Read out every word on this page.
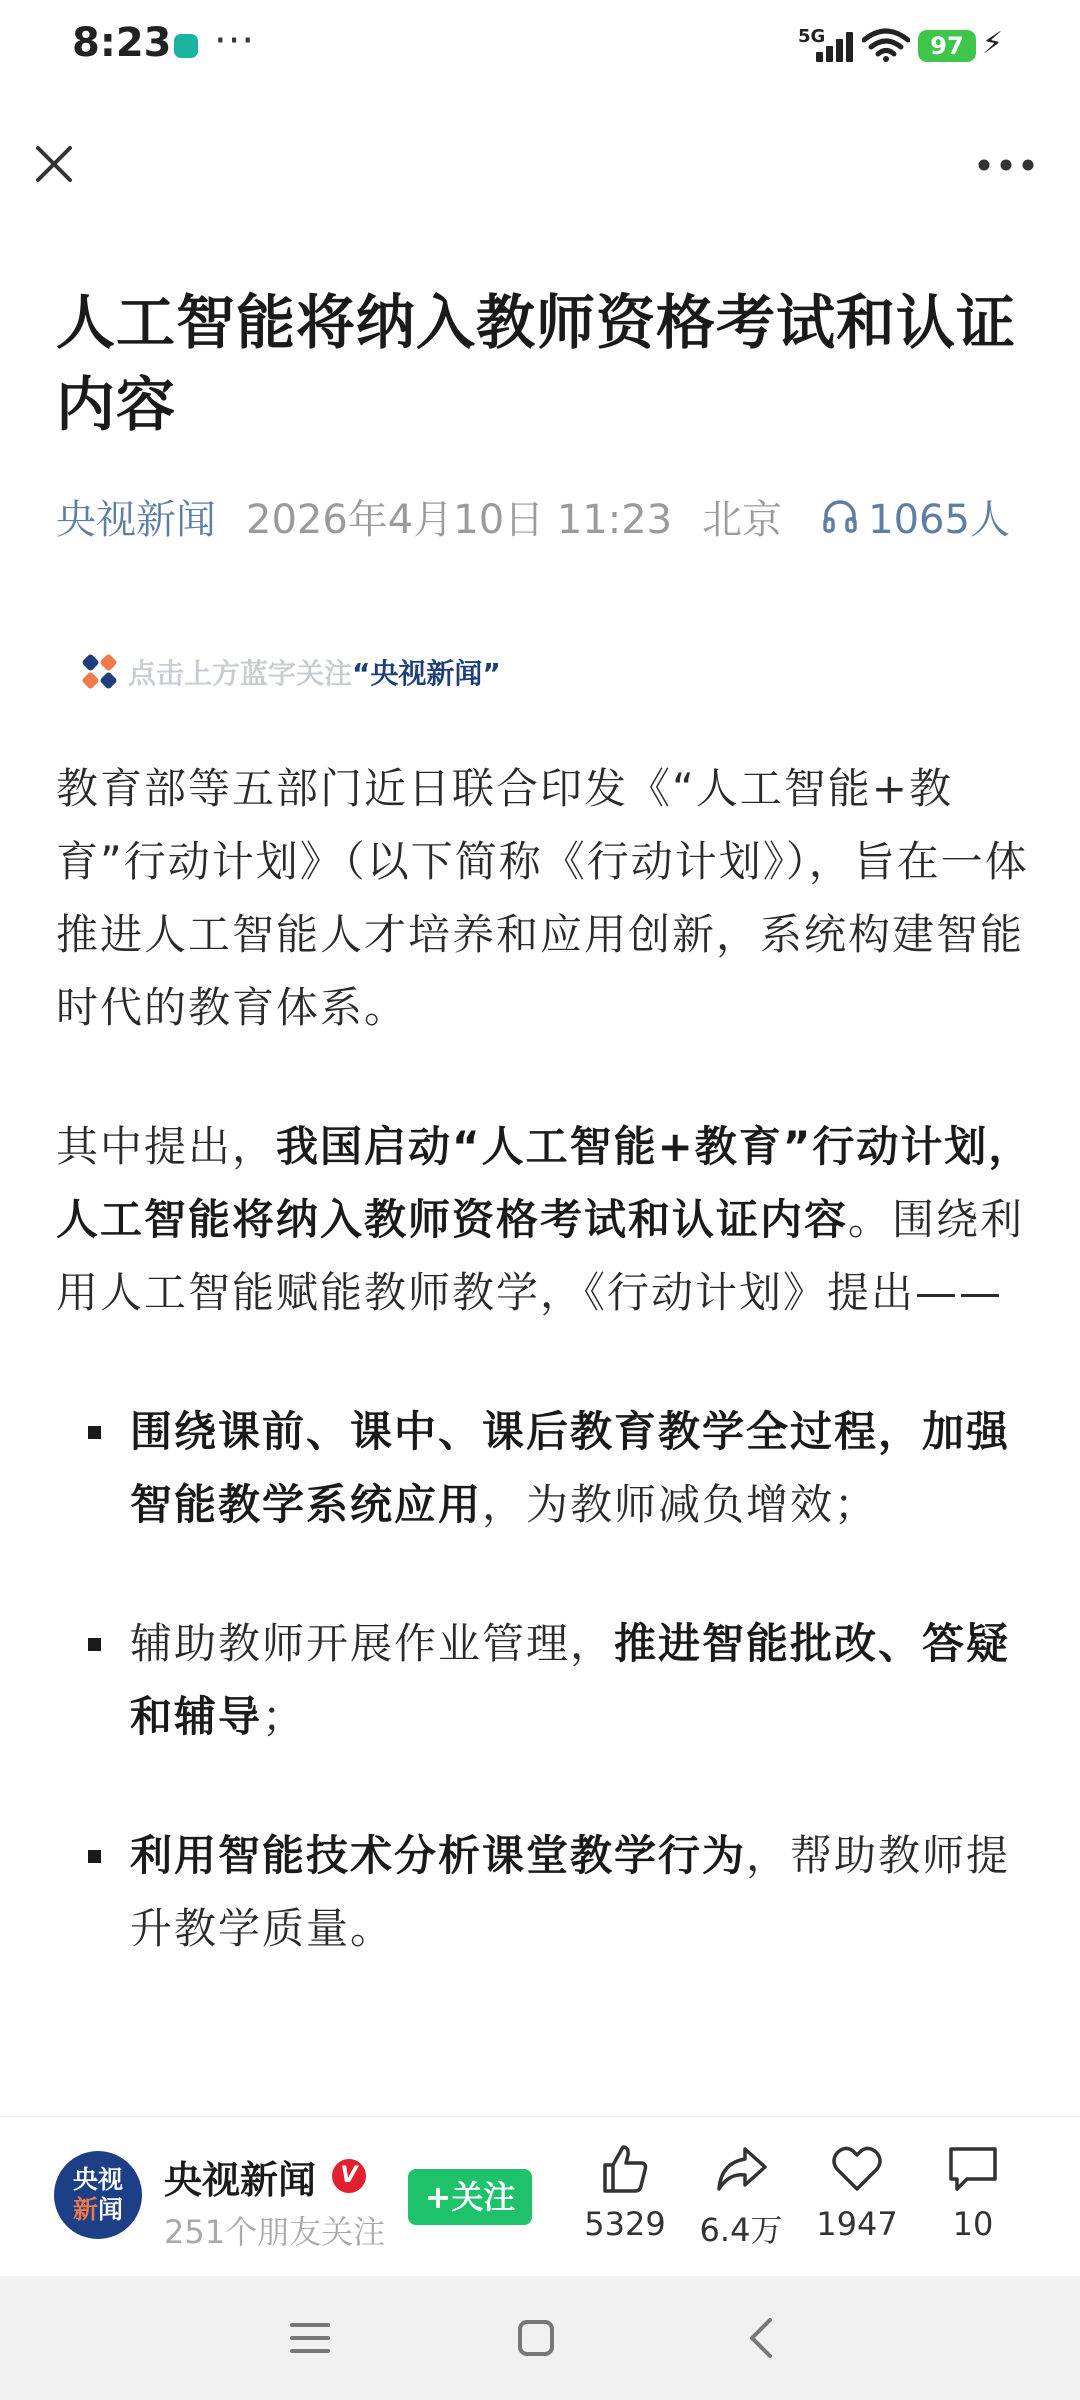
8:23 ···	5G	97 ⚡
人工智能将纳入教师资格考试和认证内容
央视新闻 2026年4月10日 11:23 北京 1065人
点击上方蓝字关注 “央视新闻”

教育部等五部门近日联合印发《“人工智能+教育”行动计划》（以下简称《行动计划》），旨在一体推进人工智能人才培养和应用创新，系统构建智能时代的教育体系。

其中提出，我国启动“人工智能+教育”行动计划，人工智能将纳入教师资格考试和认证内容。围绕利用人工智能赋能教师教学，《行动计划》提出——

围绕课前、课中、课后教育教学全过程，加强智能教学系统应用，为教师减负增效；
辅助教师开展作业管理，推进智能批改、答疑和辅导；
利用智能技术分析课堂教学行为，帮助教师提升教学质量。
央视
新闻
央视新闻	V
251个朋友关注
+关注
5329	6.4万	1947	10
